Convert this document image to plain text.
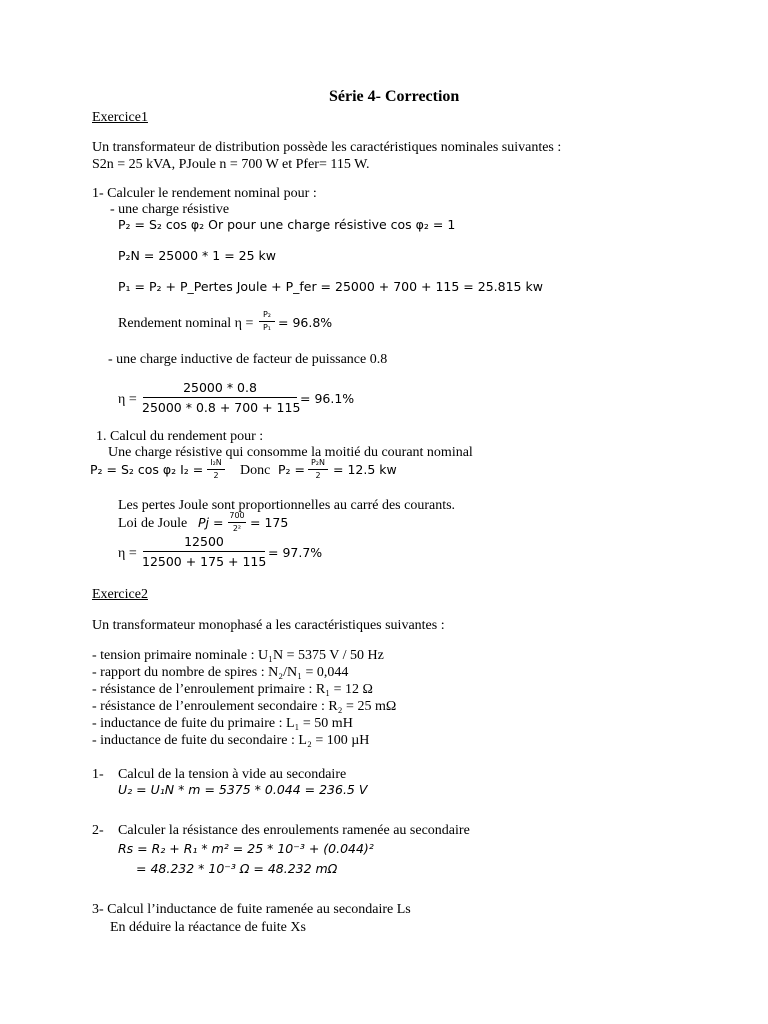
Série 4- Correction
Exercice1
Un transformateur de distribution possède les caractéristiques nominales suivantes :
S2n = 25 kVA, PJoule n = 700 W et Pfer= 115 W.
1- Calculer le rendement nominal pour :
- une charge résistive
P₂ = S₂ cos φ₂ Or pour une charge résistive cos φ₂ = 1
P₂N = 25000 * 1 = 25 kw
P₁ = P₂ + P_Pertes Joule + P_fer = 25000 + 700 + 115 = 25.815 kw
Rendement nominal η =
P₂
P₁ = 96.8%
- une charge inductive de facteur de puissance 0.8
η =
25000 * 0.8
25000 * 0.8 + 700 + 115
= 96.1%
1. Calcul du rendement pour :
Une charge résistive qui consomme la moitié du courant nominal
P₂ = S₂ cos φ₂ I₂ = I₂N
2	Donc P₂ = P₂N
2 = 12.5 kw
Les pertes Joule sont proportionnelles au carré des courants.
Loi de Joule Pj = 700
2² = 175
η =
12500
12500 + 175 + 115
= 97.7%
Exercice2
Un transformateur monophasé a les caractéristiques suivantes :
- tension primaire nominale : U₁N = 5375 V / 50 Hz
- rapport du nombre de spires : N₂/N₁ = 0,044
- résistance de l’enroulement primaire : R₁ = 12 Ω
- résistance de l’enroulement secondaire : R₂ = 25 mΩ
- inductance de fuite du primaire : L₁ = 50 mH
- inductance de fuite du secondaire : L₂ = 100 µH
1- Calcul de la tension à vide au secondaire
U₂ = U₁N * m = 5375 * 0.044 = 236.5 V
2- Calculer la résistance des enroulements ramenée au secondaire
Rs = R₂ + R₁ * m² = 25 * 10⁻³ + (0.044)²
= 48.232 * 10⁻³ Ω = 48.232 mΩ
3- Calcul l’inductance de fuite ramenée au secondaire Ls
En déduire la réactance de fuite Xs
